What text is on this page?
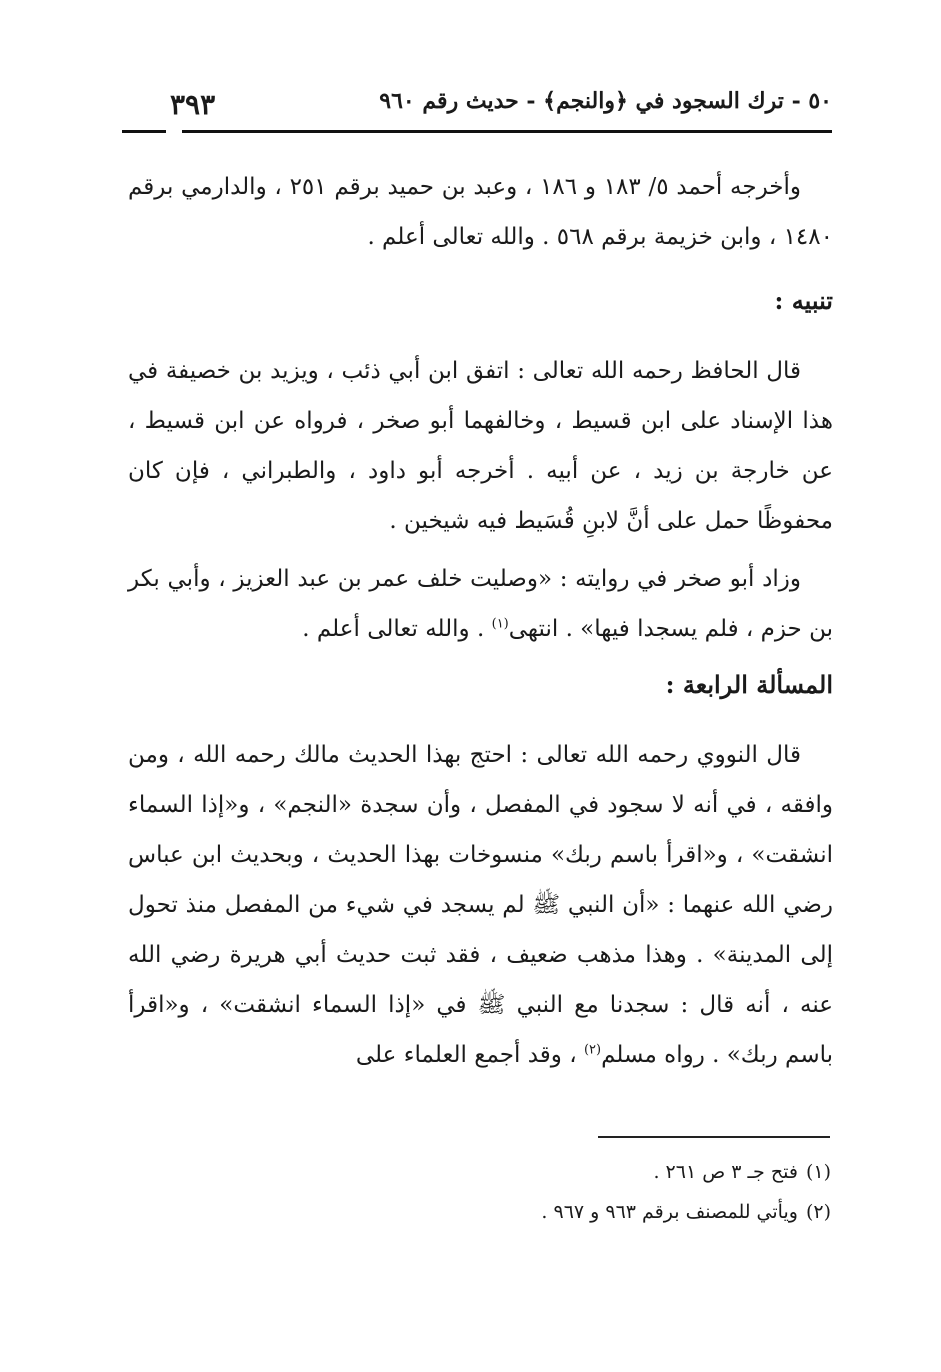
٥٠ - ترك السجود في ﴿والنجم﴾ - حديث رقم ٩٦٠
٣٩٣

وأخرجه أحمد ٥/ ١٨٣ و ١٨٦ ، وعبد بن حميد برقم ٢٥١ ، والدارمي برقم ١٤٨٠ ، وابن خزيمة برقم ٥٦٨ . والله تعالى أعلم .

تنبيه :

قال الحافظ رحمه الله تعالى : اتفق ابن أبي ذئب ، ويزيد بن خصيفة في هذا الإسناد على ابن قسيط ، وخالفهما أبو صخر ، فرواه عن ابن قسيط ، عن خارجة بن زيد ، عن أبيه . أخرجه أبو داود ، والطبراني ، فإن كان محفوظًا حمل على أنَّ لابنِ قُسَيط فيه شيخين .

وزاد أبو صخر في روايته : «وصليت خلف عمر بن عبد العزيز ، وأبي بكر بن حزم ، فلم يسجدا فيها» . انتهى$^{(١)}$ . والله تعالى أعلم .

المسألة الرابعة :

قال النووي رحمه الله تعالى : احتج بهذا الحديث مالك رحمه الله ، ومن وافقه ، في أنه لا سجود في المفصل ، وأن سجدة «النجم» ، و«إذا السماء انشقت» ، و«اقرأ باسم ربك» منسوخات بهذا الحديث ، وبحديث ابن عباس رضي الله عنهما : «أن النبي ﷺ لم يسجد في شيء من المفصل منذ تحول إلى المدينة» . وهذا مذهب ضعيف ، فقد ثبت حديث أبي هريرة رضي الله عنه ، أنه قال : سجدنا مع النبي ﷺ في «إذا السماء انشقت» ، و«اقرأ باسم ربك» . رواه مسلم$^{(٢)}$ ، وقد أجمع العلماء على

(١)فتح جـ ٣ ص ٢٦١ .

(٢)ويأتي للمصنف برقم ٩٦٣ و ٩٦٧ .
